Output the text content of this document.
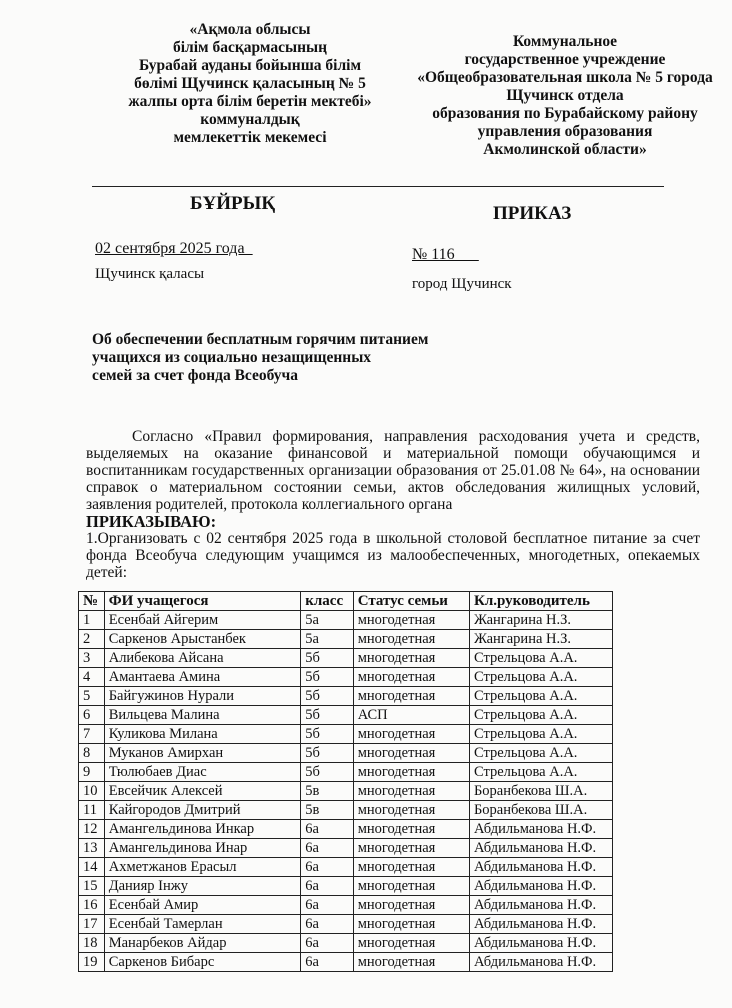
«Ақмола облысы
білім басқармасының
Бурабай ауданы бойынша білім
бөлімі Щучинск қаласының № 5
жалпы орта білім беретін мектебі»
коммуналдық
мемлекеттік мекемесі
Коммунальное
государственное учреждение
«Общеобразовательная школа № 5 города
Щучинск отдела
образования по Бурабайскому району
управления образования
Акмолинской области»
БҰЙРЫҚ	ПРИКАЗ
02 сентября 2025 года_	№ 116___
Щучинск қаласы
город Щучинск
Об обеспечении бесплатным горячим питанием
учащихся из социально незащищенных
семей за счет фонда Всеобуча

Согласно «Правил формирования, направления расходования учета и средств, выделяемых на оказание финансовой и материальной помощи обучающимся и воспитанникам государственных организации образования от 25.01.08 № 64», на основании справок о материальном состоянии семьи, актов обследования жилищных условий, заявления родителей, протокола коллегиального органа

ПРИКАЗЫВАЮ:

1.Организовать с 02 сентября 2025 года в школьной столовой бесплатное питание за счет фонда Всеобуча следующим учащимся из малообеспеченных, многодетных, опекаемых детей:

№	ФИ учащегося	класс	Статус семьи	Кл.руководитель
1	Есенбай Айгерим	5а	многодетная	Жангарина Н.З.
2	Саркенов Арыстанбек	5а	многодетная	Жангарина Н.З.
3	Алибекова Айсана	5б	многодетная	Стрельцова А.А.
4	Амантаева Амина	5б	многодетная	Стрельцова А.А.
5	Байгужинов Нурали	5б	многодетная	Стрельцова А.А.
6	Вильцева Малина	5б	АСП	Стрельцова А.А.
7	Куликова Милана	5б	многодетная	Стрельцова А.А.
8	Муканов Амирхан	5б	многодетная	Стрельцова А.А.
9	Тюлюбаев Диас	5б	многодетная	Стрельцова А.А.
10	Евсейчик Алексей	5в	многодетная	Боранбекова Ш.А.
11	Кайгородов Дмитрий	5в	многодетная	Боранбекова Ш.А.
12	Амангельдинова Инкар	6а	многодетная	Абдильманова Н.Ф.
13	Амангельдинова Инар	6а	многодетная	Абдильманова Н.Ф.
14	Ахметжанов Ерасыл	6а	многодетная	Абдильманова Н.Ф.
15	Данияр Інжу	6а	многодетная	Абдильманова Н.Ф.
16	Есенбай Амир	6а	многодетная	Абдильманова Н.Ф.
17	Есенбай Тамерлан	6а	многодетная	Абдильманова Н.Ф.
18	Манарбеков Айдар	6а	многодетная	Абдильманова Н.Ф.
19	Саркенов Бибарс	6а	многодетная	Абдильманова Н.Ф.
